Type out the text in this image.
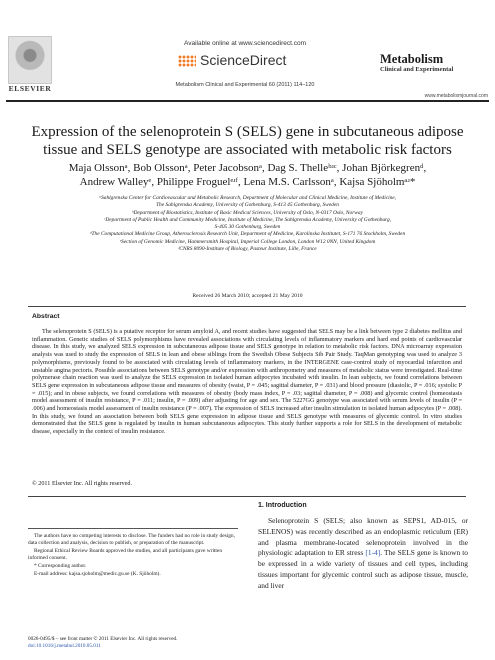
ELSEVIER
Available online at www.sciencedirect.com
ScienceDirect
Metabolism Clinical and Experimental 60 (2011) 114–120
Metabolism
Clinical and Experimental
www.metabolismjournal.com
Expression of the selenoprotein S (SELS) gene in subcutaneous adipose tissue and SELS genotype are associated with metabolic risk factors
Maja Olssonᵃ, Bob Olssonᵃ, Peter Jacobsonᵃ, Dag S. Thelleᵇʴᶜ, Johan Björkegrenᵈ,
Andrew Walleyᵉ, Philippe Froguelᵉʴᶠ, Lena M.S. Carlssonᵃ, Kajsa Sjöholmᵃʴ*
ᵃSahlgrenska Center for Cardiovascular and Metabolic Research, Department of Molecular and Clinical Medicine, Institute of Medicine,
The Sahlgrenska Academy, University of Gothenburg, S-413 45 Gothenburg, Sweden
ᵇDepartment of Biostatistics, Institute of Basic Medical Sciences, University of Oslo, N-0317 Oslo, Norway
ᶜDepartment of Public Health and Community Medicine, Institute of Medicine, The Sahlgrenska Academy, University of Gothenburg,
S-405 30 Gothenburg, Sweden
ᵈThe Computational Medicine Group, Atherosclerosis Research Unit, Department of Medicine, Karolinska Institutet, S-171 76 Stockholm, Sweden
ᵉSection of Genomic Medicine, Hammersmith Hospital, Imperial College London, London W12 0NN, United Kingdom
ᶠCNRS 8090-Institute of Biology, Pasteur Institute, Lille, France
Received 26 March 2010; accepted 21 May 2010
Abstract
The selenoprotein S (SELS) is a putative receptor for serum amyloid A, and recent studies have suggested that SELS may be a link between type 2 diabetes mellitus and inflammation. Genetic studies of SELS polymorphisms have revealed associations with circulating levels of inflammatory markers and hard end points of cardiovascular disease. In this study, we analyzed SELS expression in subcutaneous adipose tissue and SELS genotype in relation to metabolic risk factors. DNA microarray expression analysis was used to study the expression of SELS in lean and obese siblings from the Swedish Obese Subjects Sib Pair Study. TaqMan genotyping was used to analyze 3 polymorphisms, previously found to be associated with circulating levels of inflammatory markers, in the INTERGENE case-control study of myocardial infarction and unstable angina pectoris. Possible associations between SELS genotype and/or expression with anthropometry and measures of metabolic status were investigated. Real-time polymerase chain reaction was used to analyze the SELS expression in isolated human adipocytes incubated with insulin. In lean subjects, we found correlations between SELS gene expression in subcutaneous adipose tissue and measures of obesity (waist, P = .045; sagittal diameter, P = .031) and blood pressure (diastolic, P = .016; systolic P = .015); and in obese subjects, we found correlations with measures of obesity (body mass index, P = .03; sagittal diameter, P = .008) and glycemic control (homeostasis model assessment of insulin resistance, P = .011; insulin, P = .009) after adjusting for age and sex. The 5227GG genotype was associated with serum levels of insulin (P = .006) and homeostasis model assessment of insulin resistance (P = .007). The expression of SELS increased after insulin stimulation in isolated human adipocytes (P = .008). In this study, we found an association between both SELS gene expression in adipose tissue and SELS genotype with measures of glycemic control. In vitro studies demonstrated that the SELS gene is regulated by insulin in human subcutaneous adipocytes. This study further supports a role for SELS in the development of metabolic disease, especially in the context of insulin resistance.
© 2011 Elsevier Inc. All rights reserved.

The authors have no competing interests to disclose. The funders had no role in study design, data collection and analysis, decision to publish, or preparation of the manuscript.

Regional Ethical Review Boards approved the studies, and all participants gave written informed consent.

* Corresponding author.

E-mail address: kajsa.sjoholm@medic.gu.se (K. Sjöholm).

0026-0495/$ – see front matter © 2011 Elsevier Inc. All rights reserved.
doi:10.1016/j.metabol.2010.05.011
1. Introduction
Selenoprotein S (SELS; also known as SEPS1, AD-015, or SELENOS) was recently described as an endoplasmic reticulum (ER) and plasma membrane-located selenoprotein involved in the physiologic adaptation to ER stress [1-4]. The SELS gene is known to be expressed in a wide variety of tissues and cell types, including tissues important for glycemic control such as adipose tissue, muscle, and liver
